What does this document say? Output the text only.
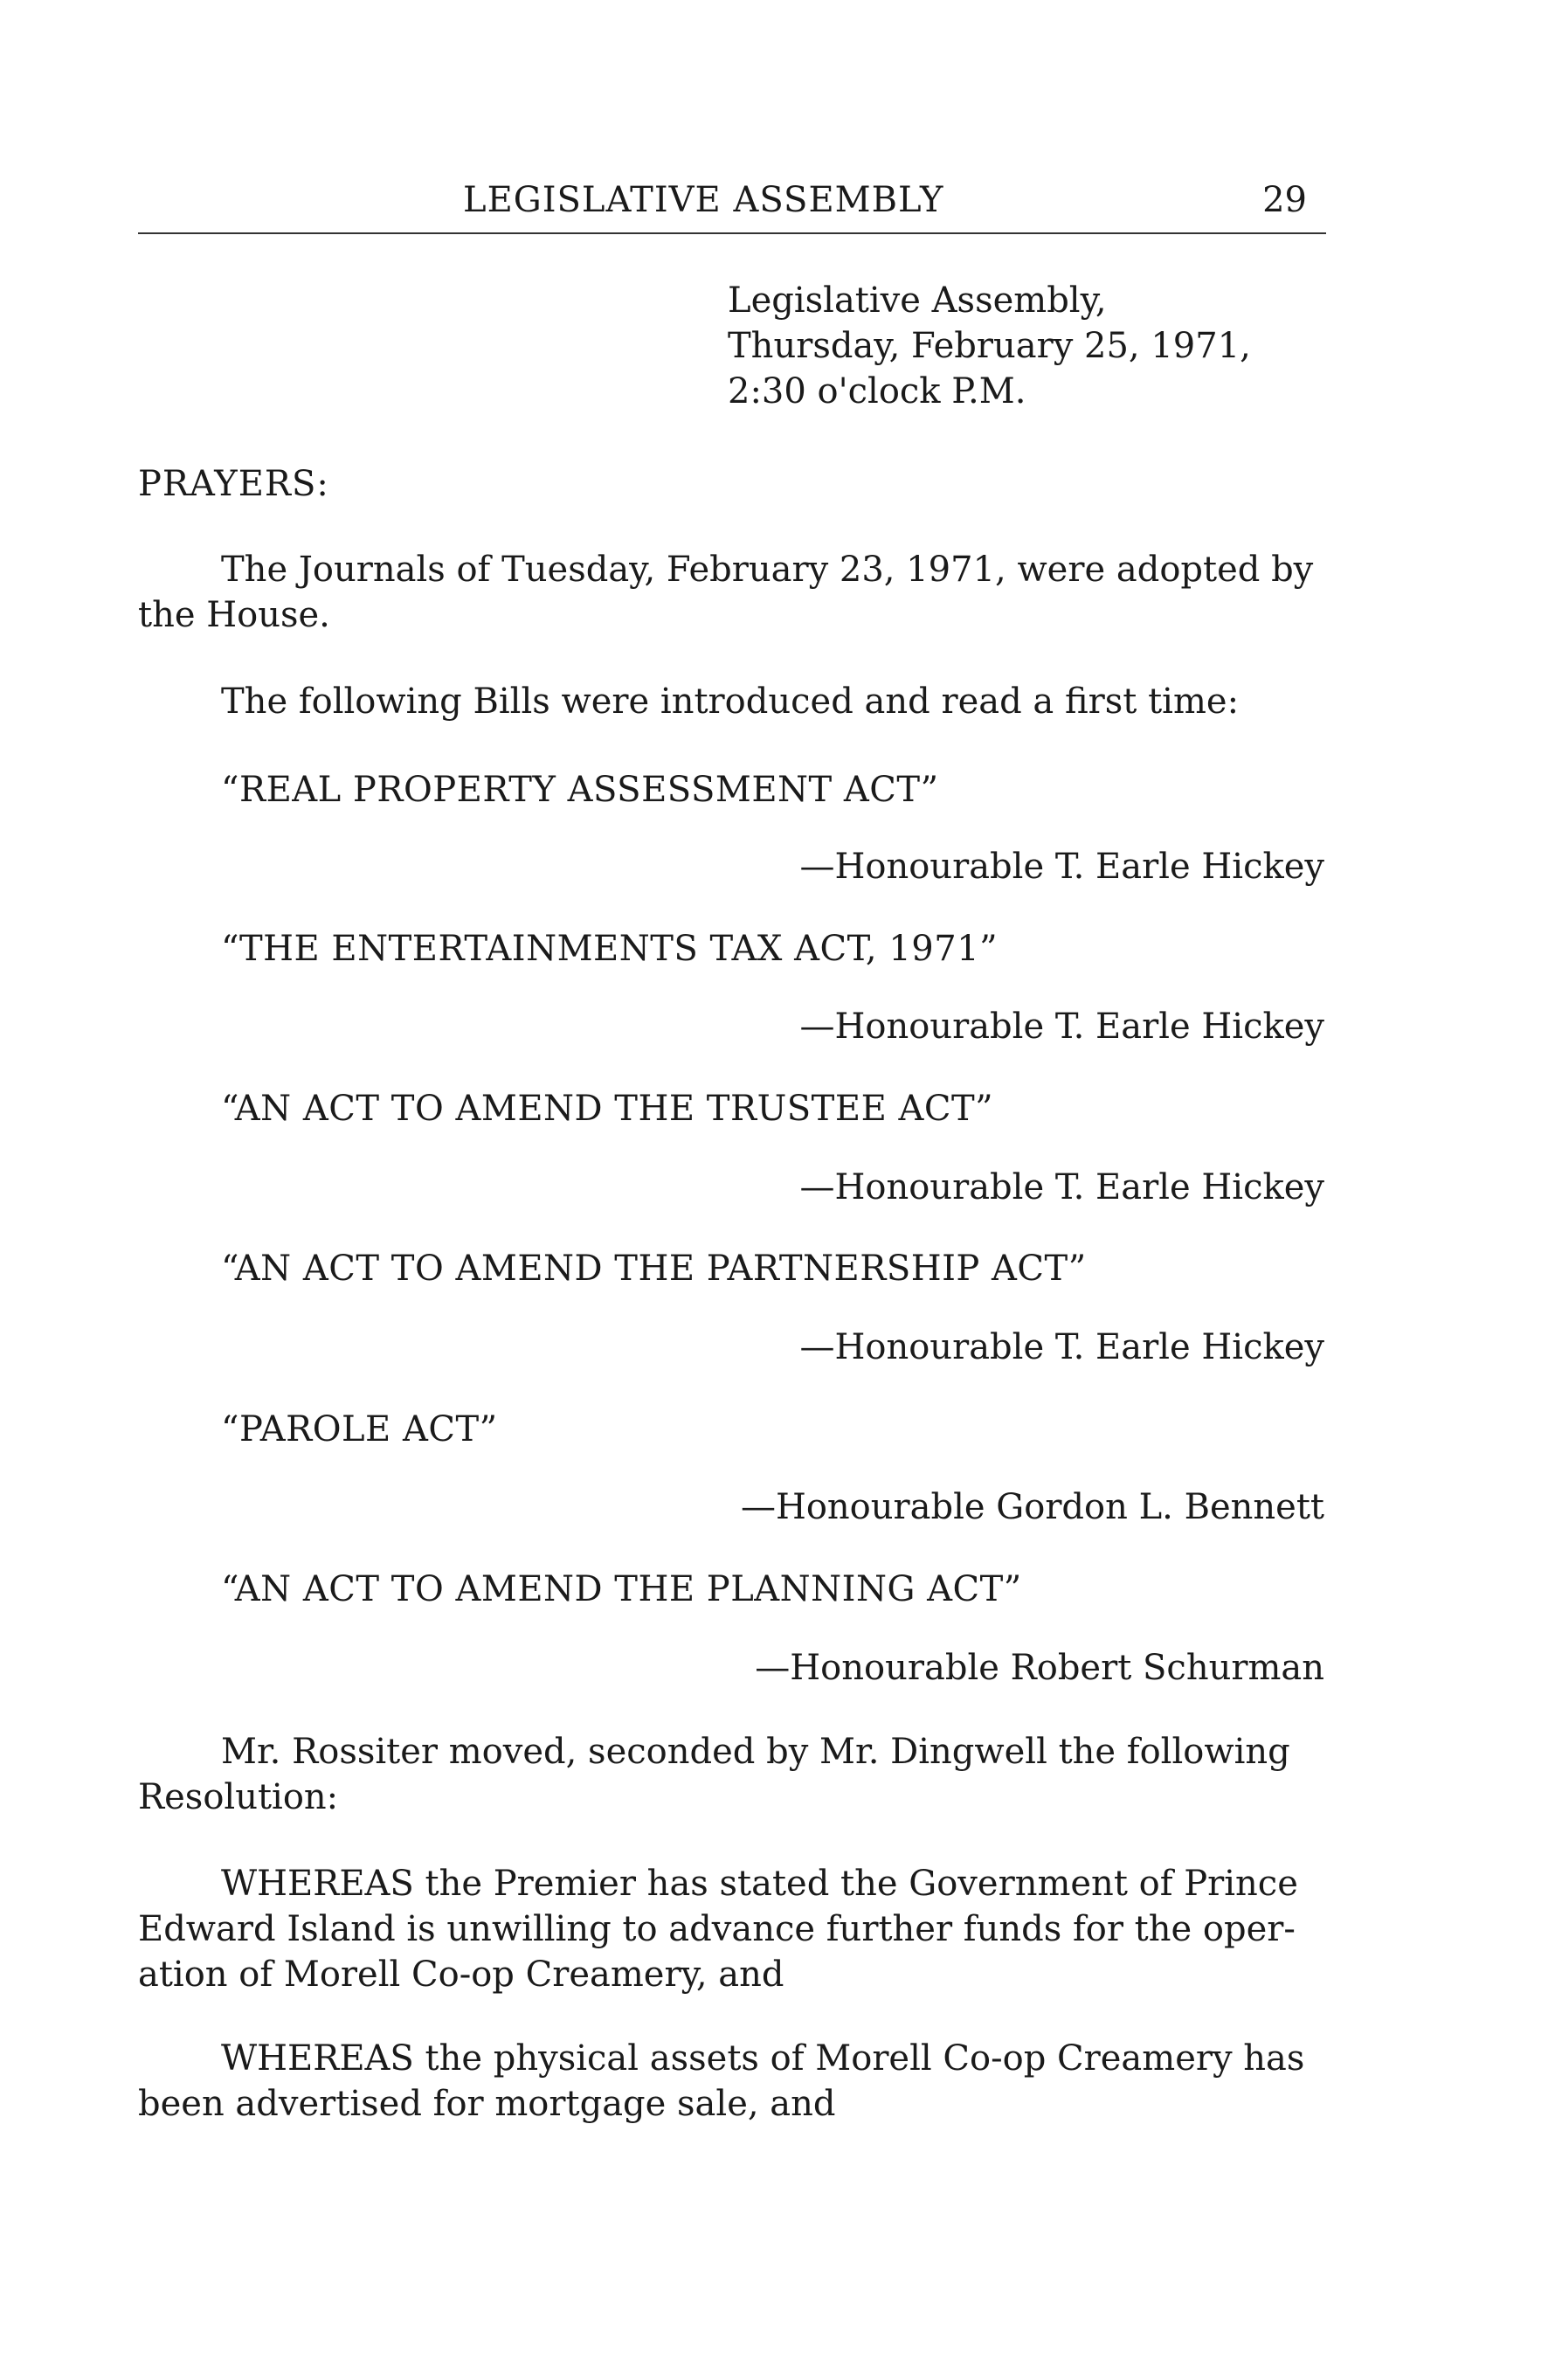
LEGISLATIVE ASSEMBLY	29
Legislative Assembly,
Thursday, February 25, 1971,
2:30 o'clock P.M.
PRAYERS:
The Journals of Tuesday, February 23, 1971, were adopted by
the House.
The following Bills were introduced and read a first time:
“REAL PROPERTY ASSESSMENT ACT”
—Honourable T. Earle Hickey
“THE ENTERTAINMENTS TAX ACT, 1971”
—Honourable T. Earle Hickey
“AN ACT TO AMEND THE TRUSTEE ACT”
—Honourable T. Earle Hickey
“AN ACT TO AMEND THE PARTNERSHIP ACT”
—Honourable T. Earle Hickey
“PAROLE ACT”
—Honourable Gordon L. Bennett
“AN ACT TO AMEND THE PLANNING ACT”
—Honourable Robert Schurman
Mr. Rossiter moved, seconded by Mr. Dingwell the following
Resolution:
WHEREAS the Premier has stated the Government of Prince
Edward Island is unwilling to advance further funds for the oper-
ation of Morell Co-op Creamery, and
WHEREAS the physical assets of Morell Co-op Creamery has
been advertised for mortgage sale, and
